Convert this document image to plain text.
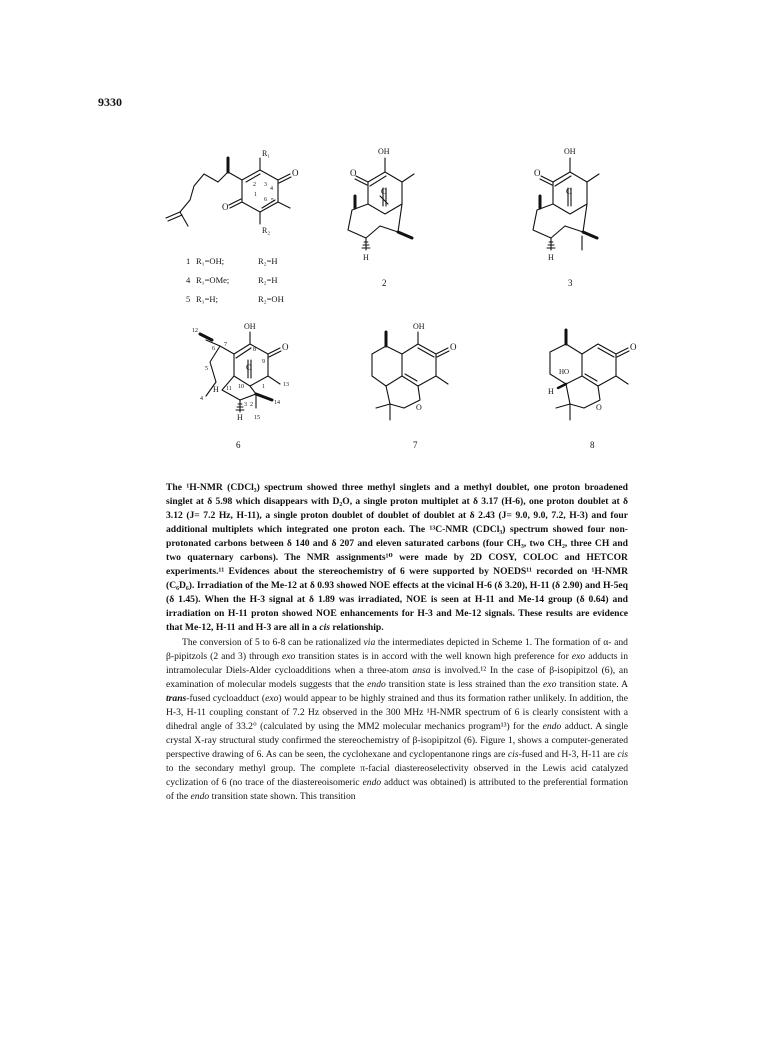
9330
R₁
R₂
O
O
2 3
1
6 5
4
1 R₁=OH;	R₂=H
4 R₁=OMe;	R₂=H
5 R₁=H;	R₂=OH
OH
O
O
H
2
OH
O
O
H
3
12	OH
O
O
7
6	8
9
5
4
H 11 10	1	13
3 2	14
H 15
6
OH
O
O
7
HO
O
O
H
8

The ¹H-NMR (CDCl₃) spectrum showed three methyl singlets and a methyl doublet, one proton broadened singlet at δ 5.98 which disappears with D₂O, a single proton multiplet at δ 3.17 (H-6), one proton doublet at δ 3.12 (J= 7.2 Hz, H-11), a single proton doublet of doublet of doublet at δ 2.43 (J= 9.0, 9.0, 7.2, H-3) and four additional multiplets which integrated one proton each. The ¹³C-NMR (CDCl₃) spectrum showed four non-protonated carbons between δ 140 and δ 207 and eleven saturated carbons (four CH₃, two CH₂, three CH and two quaternary carbons). The NMR assignments¹⁰ were made by 2D COSY, COLOC and HETCOR experiments.¹¹ Evidences about the stereochemistry of 6 were supported by NOEDS¹¹ recorded on ¹H-NMR (C₆D₆). Irradiation of the Me-12 at δ 0.93 showed NOE effects at the vicinal H-6 (δ 3.20), H-11 (δ 2.90) and H-5eq (δ 1.45). When the H-3 signal at δ 1.89 was irradiated, NOE is seen at H-11 and Me-14 group (δ 0.64) and irradiation on H-11 proton showed NOE enhancements for H-3 and Me-12 signals. These results are evidence that Me-12, H-11 and H-3 are all in a cis relationship.

The conversion of 5 to 6-8 can be rationalized via the intermediates depicted in Scheme 1. The formation of α- and β-pipitzols (2 and 3) through exo transition states is in accord with the well known high preference for exo adducts in intramolecular Diels-Alder cycloadditions when a three-atom ansa is involved.¹² In the case of β-isopipitzol (6), an examination of molecular models suggests that the endo transition state is less strained than the exo transition state. A trans-fused cycloadduct (exo) would appear to be highly strained and thus its formation rather unlikely. In addition, the H-3, H-11 coupling constant of 7.2 Hz observed in the 300 MHz ¹H-NMR spectrum of 6 is clearly consistent with a dihedral angle of 33.2° (calculated by using the MM2 molecular mechanics program¹³) for the endo adduct. A single crystal X-ray structural study confirmed the stereochemistry of β-isopipitzol (6). Figure 1, shows a computer-generated perspective drawing of 6. As can be seen, the cyclohexane and cyclopentanone rings are cis-fused and H-3, H-11 are cis to the secondary methyl group. The complete π-facial diastereoselectivity observed in the Lewis acid catalyzed cyclization of 6 (no trace of the diastereoisomeric endo adduct was obtained) is attributed to the preferential formation of the endo transition state shown. This transition
